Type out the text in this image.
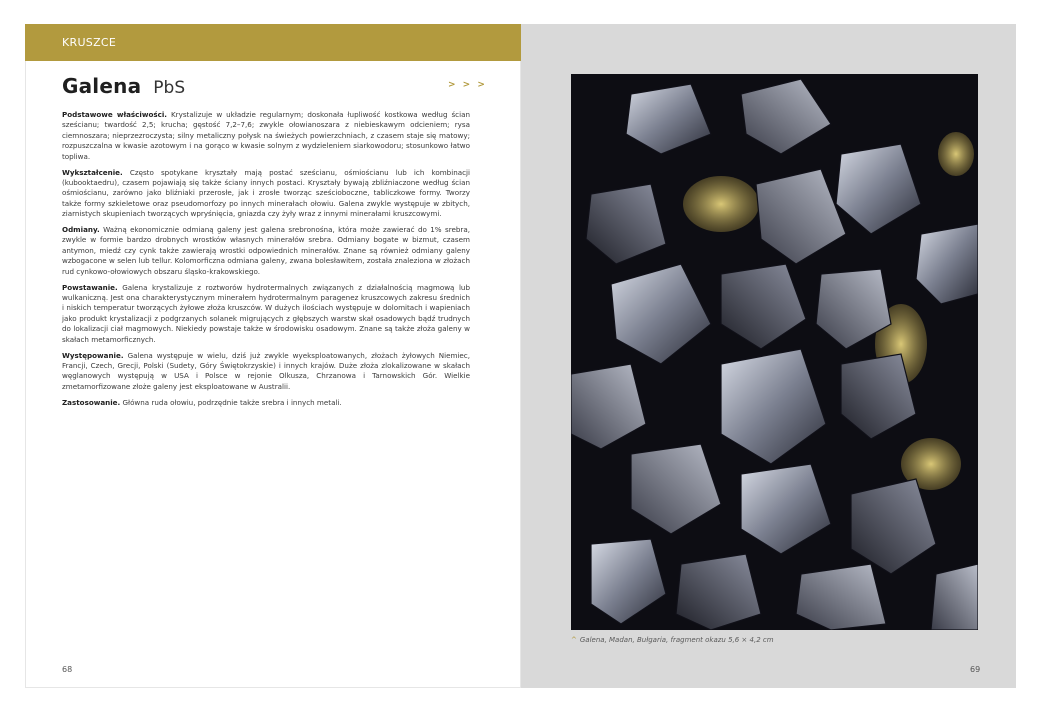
KRUSZCE
Galena PbS	> > >

Podstawowe właściwości. Krystalizuje w układzie regularnym; doskonała łupliwość kostkowa według ścian sześcianu; twardość 2,5; krucha; gęstość 7,2–7,6; zwykle ołowianoszara z niebieskawym odcieniem; rysa ciemnoszara; nieprzezroczysta; silny metaliczny połysk na świeżych powierzchniach, z czasem staje się matowy; rozpuszczalna w kwasie azotowym i na gorąco w kwasie solnym z wydzieleniem siarkowodoru; stosunkowo łatwo topliwa.

Wykształcenie. Często spotykane kryształy mają postać sześcianu, ośmiościanu lub ich kombinacji (kubooktaedru), czasem pojawiają się także ściany innych postaci. Kryształy bywają zbliźniaczone według ścian ośmiościanu, zarówno jako bliźniaki przerosłe, jak i zrosłe tworząc sześcioboczne, tabliczkowe formy. Tworzy także formy szkieletowe oraz pseudomorfozy po innych minerałach ołowiu. Galena zwykle występuje w zbitych, ziarnistych skupieniach tworzących wpryśnięcia, gniazda czy żyły wraz z innymi minerałami kruszcowymi.

Odmiany. Ważną ekonomicznie odmianą galeny jest galena srebronośna, która może zawierać do 1% srebra, zwykle w formie bardzo drobnych wrostków własnych minerałów srebra. Odmiany bogate w bizmut, czasem antymon, miedź czy cynk także zawierają wrostki odpowiednich minerałów. Znane są również odmiany galeny wzbogacone w selen lub tellur. Kolomorficzna odmiana galeny, zwana bolesławitem, została znaleziona w złożach rud cynkowo-ołowiowych obszaru śląsko-krakowskiego.

Powstawanie. Galena krystalizuje z roztworów hydrotermalnych związanych z działalnością magmową lub wulkaniczną. Jest ona charakterystycznym minerałem hydrotermalnym paragenez kruszcowych zakresu średnich i niskich temperatur tworzących żyłowe złoża kruszców. W dużych ilościach występuje w dolomitach i wapieniach jako produkt krystalizacji z podgrzanych solanek migrujących z głębszych warstw skał osadowych bądź trudnych do lokalizacji ciał magmowych. Niekiedy powstaje także w środowisku osadowym. Znane są także złoża galeny w skałach metamorficznych.

Występowanie. Galena występuje w wielu, dziś już zwykle wyeksploatowanych, złożach żyłowych Niemiec, Francji, Czech, Grecji, Polski (Sudety, Góry Świętokrzyskie) i innych krajów. Duże złoża zlokalizowane w skałach węglanowych występują w USA i Polsce w rejonie Olkusza, Chrzanowa i Tarnowskich Gór. Wielkie zmetamorfizowane złoże galeny jest eksploatowane w Australii.

Zastosowanie. Główna ruda ołowiu, podrzędnie także srebra i innych metali.

68
^ Galena, Madan, Bułgaria, fragment okazu 5,6 × 4,2 cm
69
